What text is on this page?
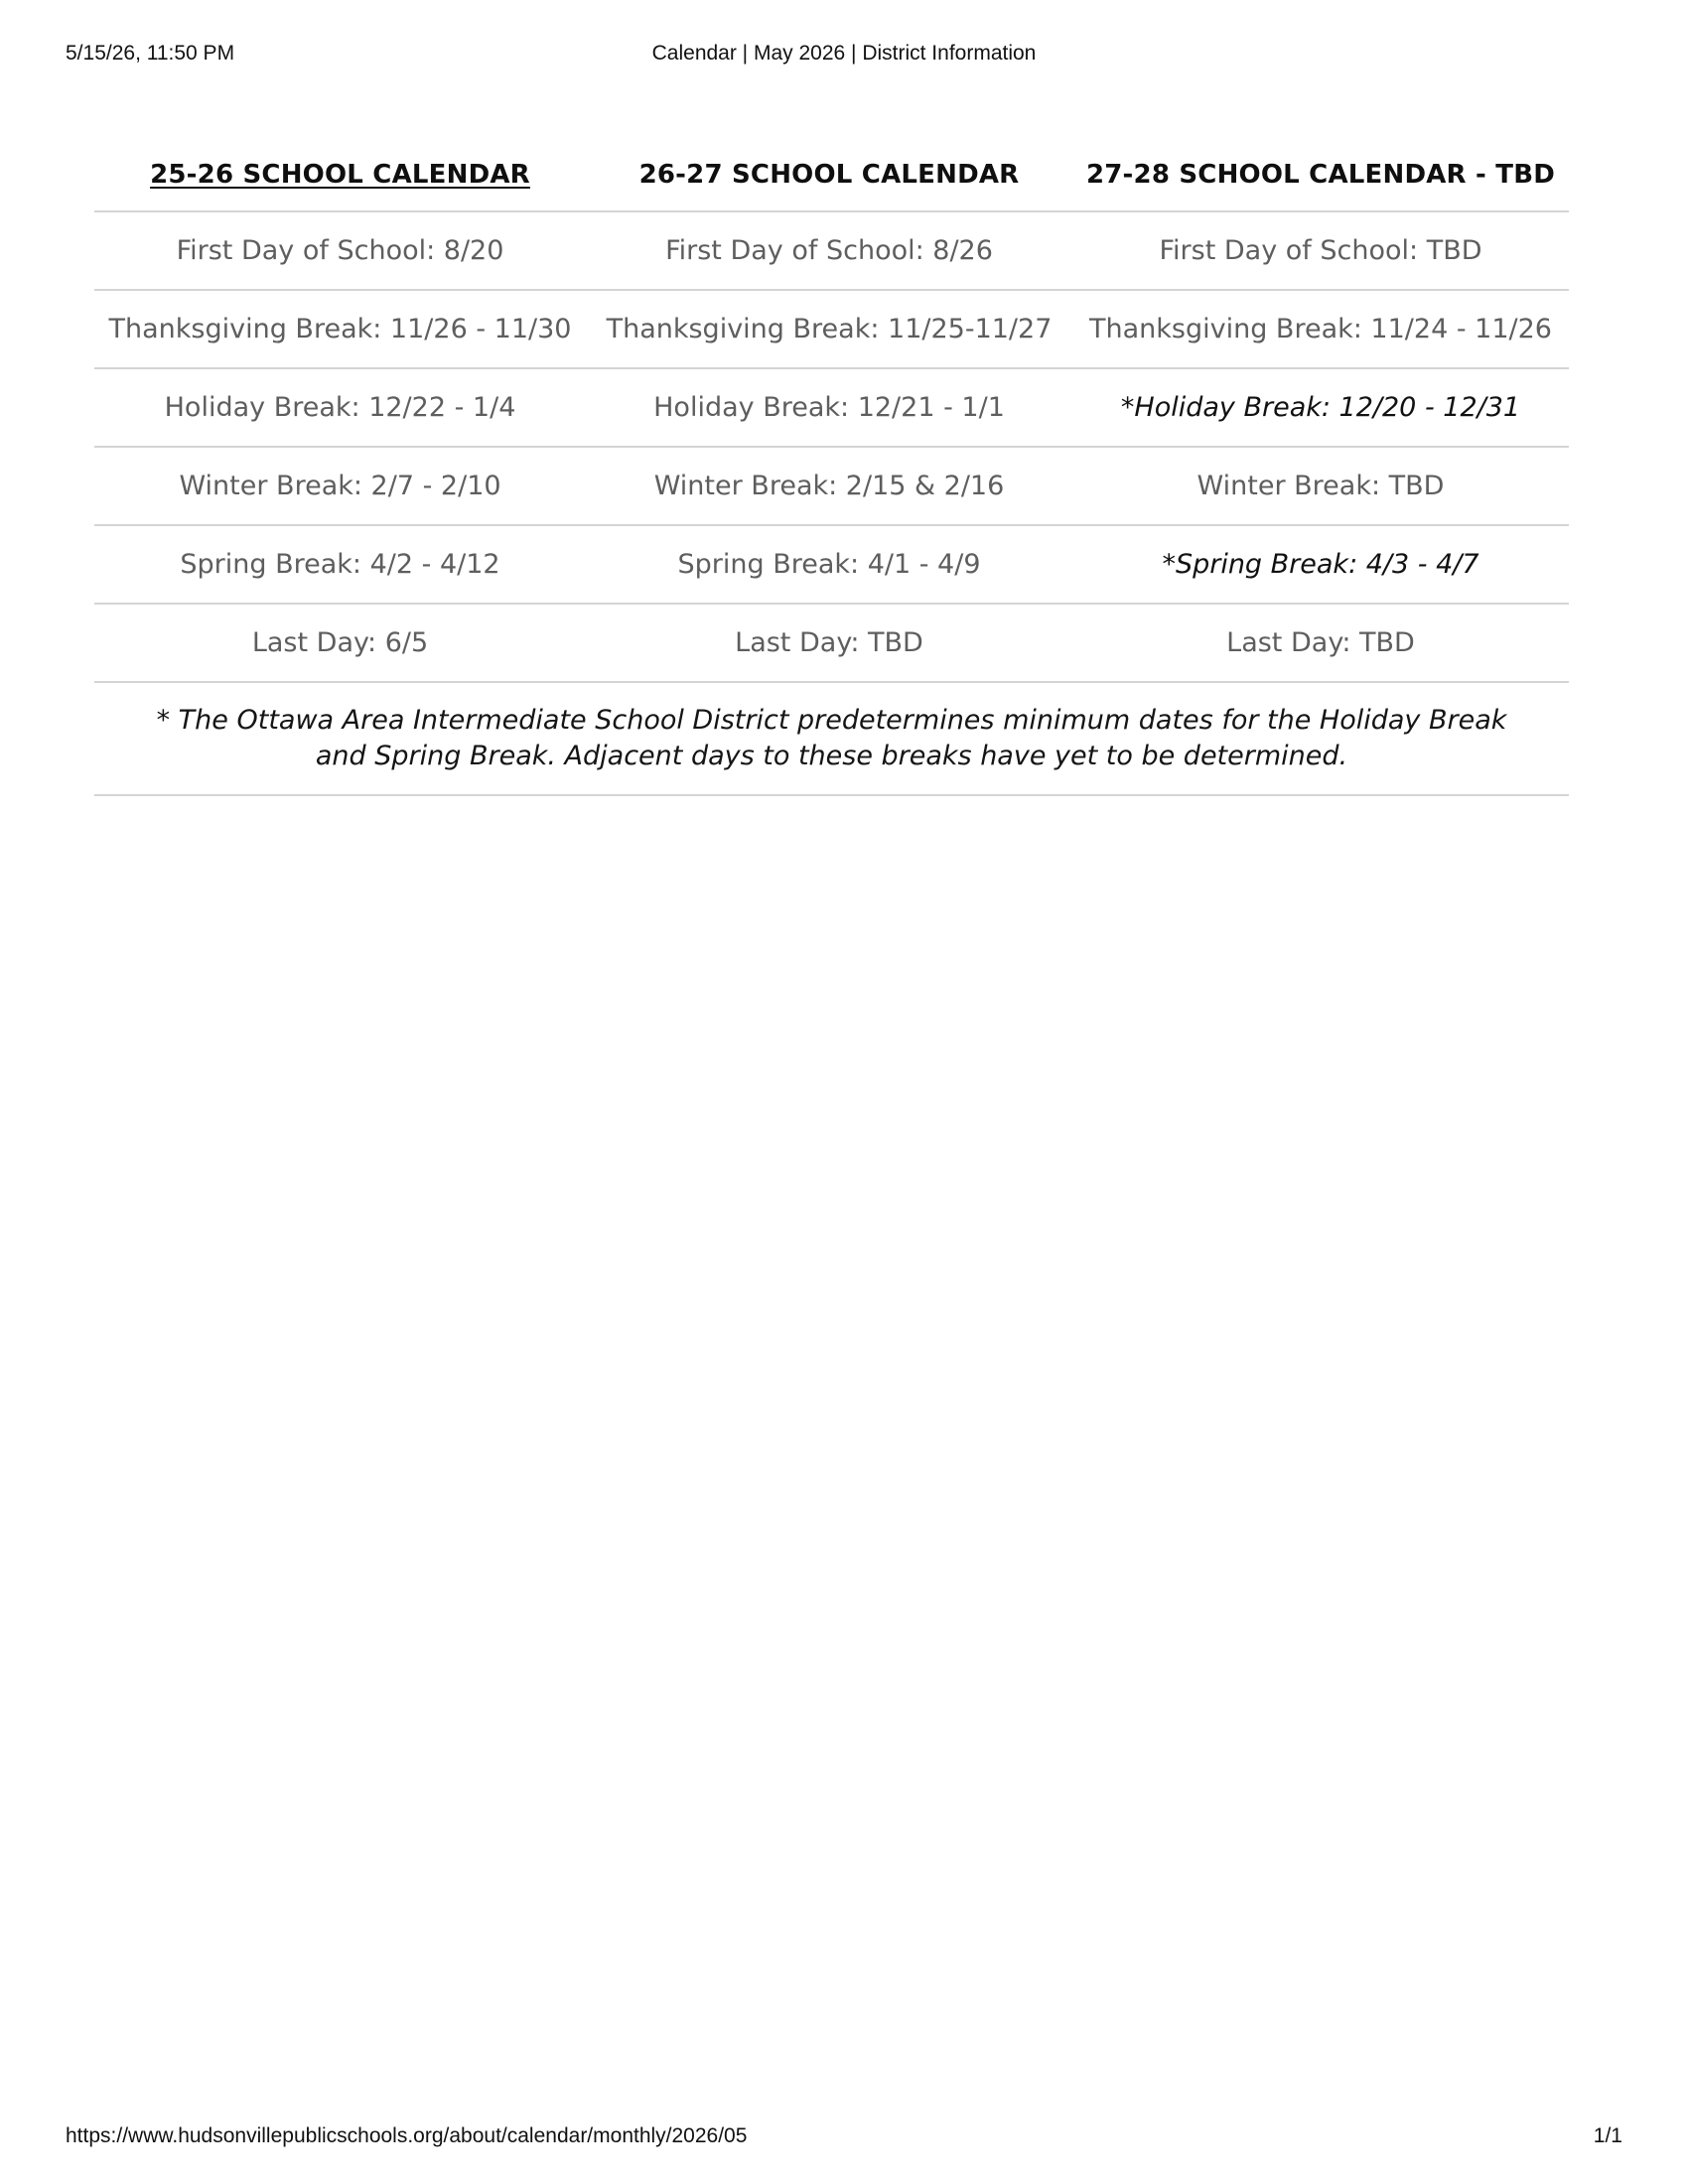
5/15/26, 11:50 PM	Calendar | May 2026 | District Information
25-26 SCHOOL CALENDAR	26-27 SCHOOL CALENDAR	27-28 SCHOOL CALENDAR - TBD
First Day of School: 8/20	First Day of School: 8/26	First Day of School: TBD
Thanksgiving Break: 11/26 - 11/30	Thanksgiving Break: 11/25-11/27	Thanksgiving Break: 11/24 - 11/26
Holiday Break: 12/22 - 1/4	Holiday Break: 12/21 - 1/1	*Holiday Break: 12/20 - 12/31
Winter Break: 2/7 - 2/10	Winter Break: 2/15 & 2/16	Winter Break: TBD
Spring Break: 4/2 - 4/12	Spring Break: 4/1 - 4/9	*Spring Break: 4/3 - 4/7
Last Day: 6/5	Last Day: TBD	Last Day: TBD
* The Ottawa Area Intermediate School District predetermines minimum dates for the Holiday Break and Spring Break. Adjacent days to these breaks have yet to be determined.		
https://www.hudsonvillepublicschools.org/about/calendar/monthly/2026/05	1/1
